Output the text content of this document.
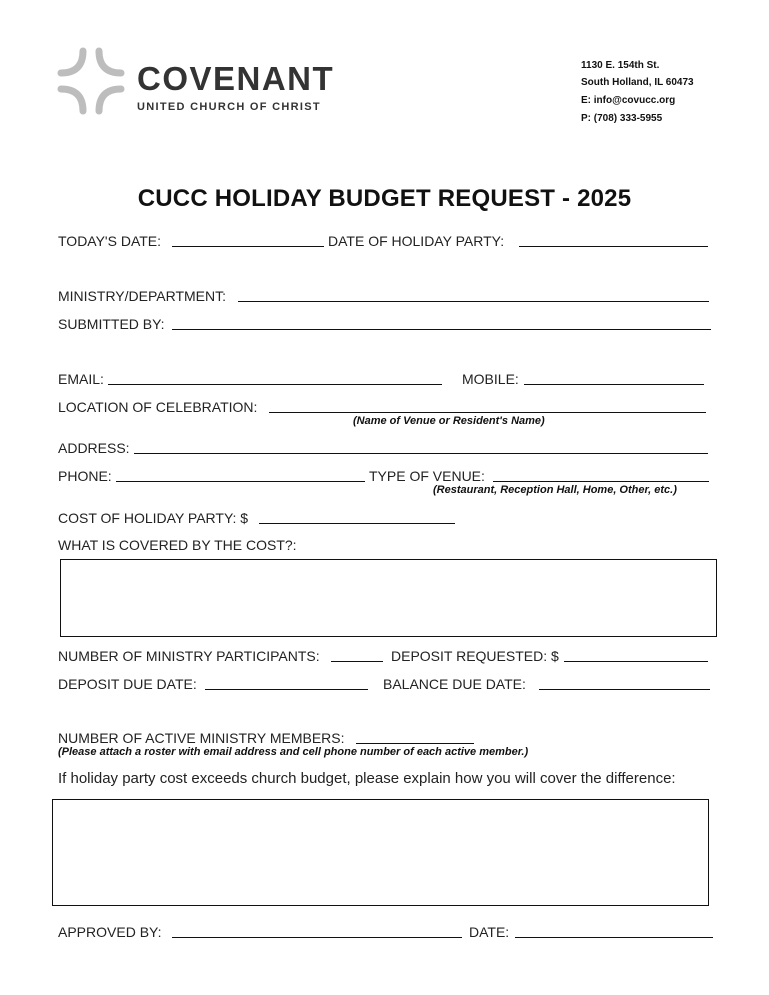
COVENANT
UNITED CHURCH OF CHRIST
1130 E. 154th St.
South Holland, IL 60473
E: info@covucc.org
P: (708) 333-5955
CUCC HOLIDAY BUDGET REQUEST - 2025
TODAY'S DATE:	DATE OF HOLIDAY PARTY:
MINISTRY/DEPARTMENT:
SUBMITTED BY:
EMAIL:	MOBILE:
LOCATION OF CELEBRATION:
(Name of Venue or Resident's Name)
ADDRESS:
PHONE:	TYPE OF VENUE:
(Restaurant, Reception Hall, Home, Other, etc.)
COST OF HOLIDAY PARTY: $
WHAT IS COVERED BY THE COST?:
NUMBER OF MINISTRY PARTICIPANTS:	DEPOSIT REQUESTED: $
DEPOSIT DUE DATE:	BALANCE DUE DATE:
NUMBER OF ACTIVE MINISTRY MEMBERS:
(Please attach a roster with email address and cell phone number of each active member.)
If holiday party cost exceeds church budget, please explain how you will cover the difference:
APPROVED BY:	DATE:
